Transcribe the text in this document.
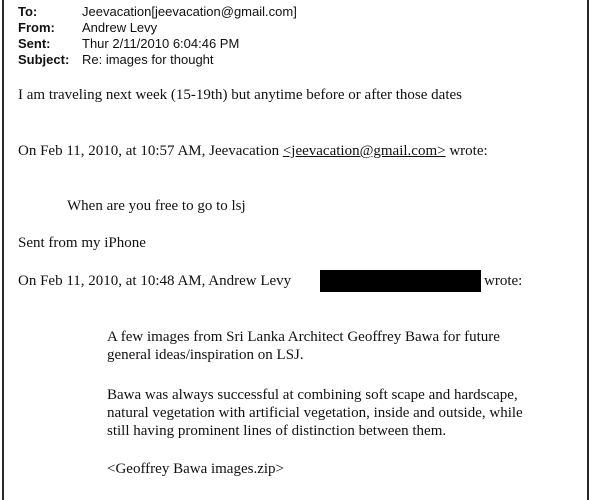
To:	Jeevacation[jeevacation@gmail.com]
From:	Andrew Levy
Sent:	Thur 2/11/2010 6:04:46 PM
Subject: Re: images for thought
I am traveling next week (15-19th) but anytime before or after those dates
On Feb 11, 2010, at 10:57 AM, Jeevacation <jeevacation@gmail.com> wrote:
When are you free to go to lsj
Sent from my iPhone
On Feb 11, 2010, at 10:48 AM, Andrew Levy	wrote:
A few images from Sri Lanka Architect Geoffrey Bawa for future
general ideas/inspiration on LSJ.
Bawa was always successful at combining soft scape and hardscape,
natural vegetation with artificial vegetation, inside and outside, while
still having prominent lines of distinction between them.
<Geoffrey Bawa images.zip>
